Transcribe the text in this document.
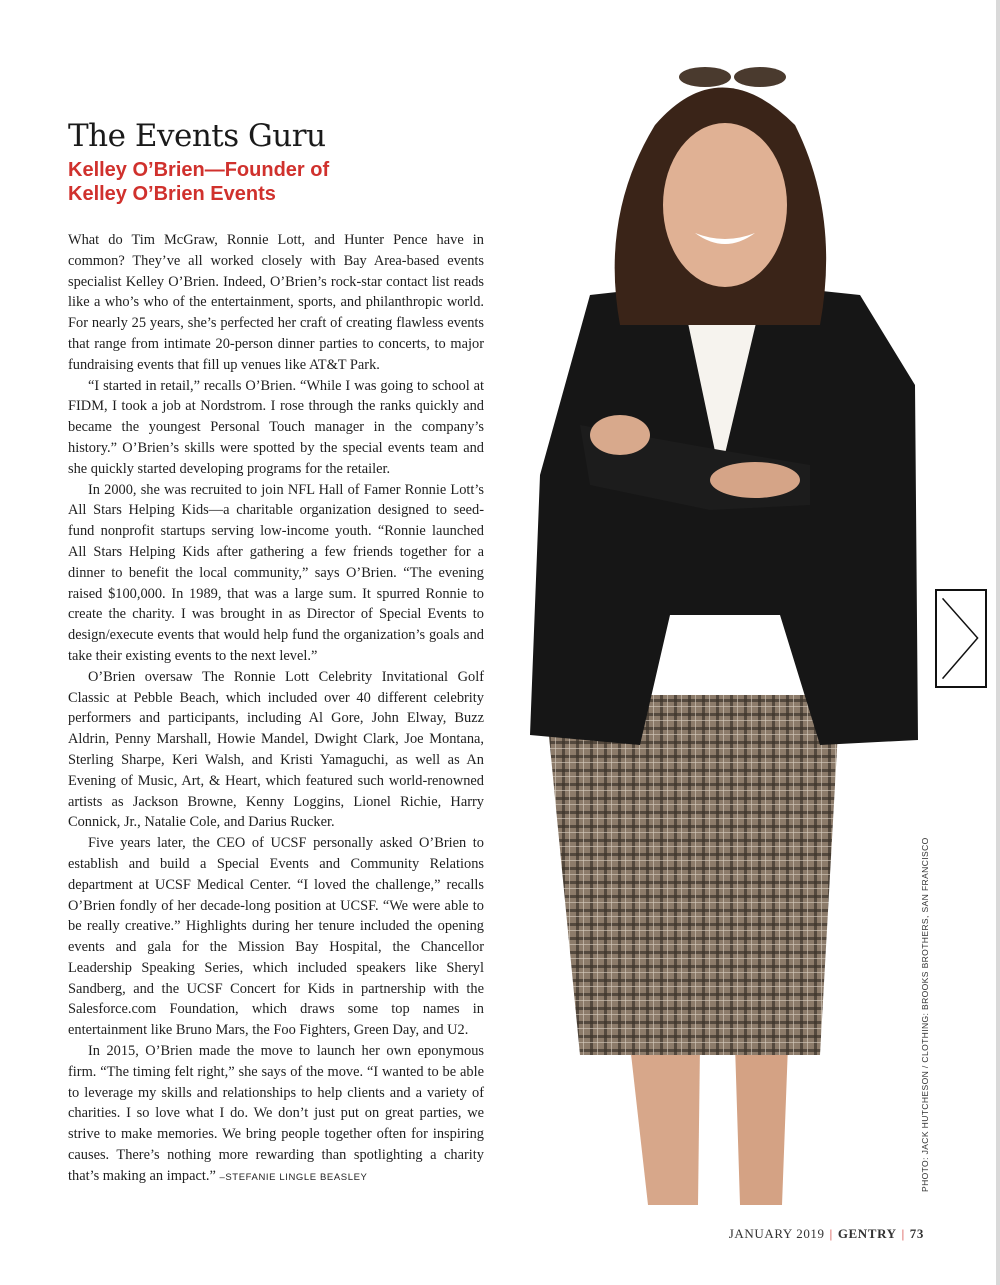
The Events Guru
Kelley O’Brien—Founder of
Kelley O’Brien Events

What do Tim McGraw, Ronnie Lott, and Hunter Pence have in common? They’ve all worked closely with Bay Area-based events specialist Kelley O’Brien. Indeed, O’Brien’s rock-star contact list reads like a who’s who of the entertainment, sports, and philanthropic world. For nearly 25 years, she’s perfected her craft of creating flawless events that range from intimate 20-person dinner parties to concerts, to major fundraising events that fill up venues like AT&T Park.

“I started in retail,” recalls O’Brien. “While I was going to school at FIDM, I took a job at Nordstrom. I rose through the ranks quickly and became the youngest Personal Touch manager in the company’s history.” O’Brien’s skills were spotted by the special events team and she quickly started developing programs for the retailer.

In 2000, she was recruited to join NFL Hall of Famer Ronnie Lott’s All Stars Helping Kids—a charitable organization designed to seed-fund nonprofit startups serving low-income youth. “Ronnie launched All Stars Helping Kids after gathering a few friends together for a dinner to benefit the local community,” says O’Brien. “The evening raised $100,000. In 1989, that was a large sum. It spurred Ronnie to create the charity. I was brought in as Director of Special Events to design/execute events that would help fund the organization’s goals and take their existing events to the next level.”

O’Brien oversaw The Ronnie Lott Celebrity Invitational Golf Classic at Pebble Beach, which included over 40 different celebrity performers and participants, including Al Gore, John Elway, Buzz Aldrin, Penny Marshall, Howie Mandel, Dwight Clark, Joe Montana, Sterling Sharpe, Keri Walsh, and Kristi Yamaguchi, as well as An Evening of Music, Art, & Heart, which featured such world-renowned artists as Jackson Browne, Kenny Loggins, Lionel Richie, Harry Connick, Jr., Natalie Cole, and Darius Rucker.

Five years later, the CEO of UCSF personally asked O’Brien to establish and build a Special Events and Community Relations department at UCSF Medical Center. “I loved the challenge,” recalls O’Brien fondly of her decade-long position at UCSF. “We were able to be really creative.” Highlights during her tenure included the opening events and gala for the Mission Bay Hospital, the Chancellor Leadership Speaking Series, which included speakers like Sheryl Sandberg, and the UCSF Concert for Kids in partnership with the Salesforce.com Foundation, which draws some top names in entertainment like Bruno Mars, the Foo Fighters, Green Day, and U2.

In 2015, O’Brien made the move to launch her own eponymous firm. “The timing felt right,” she says of the move. “I wanted to be able to leverage my skills and relationships to help clients and a variety of charities. I so love what I do. We don’t just put on great parties, we strive to make memories. We bring people together often for inspiring causes. There’s nothing more rewarding than spotlighting a charity that’s making an impact.” –STEFANIE LINGLE BEASLEY	PHOTO: JACK HUTCHESON / CLOTHING: BROOKS BROTHERS, SAN FRANCISCO
JANUARY 2019 | GENTRY | 73
